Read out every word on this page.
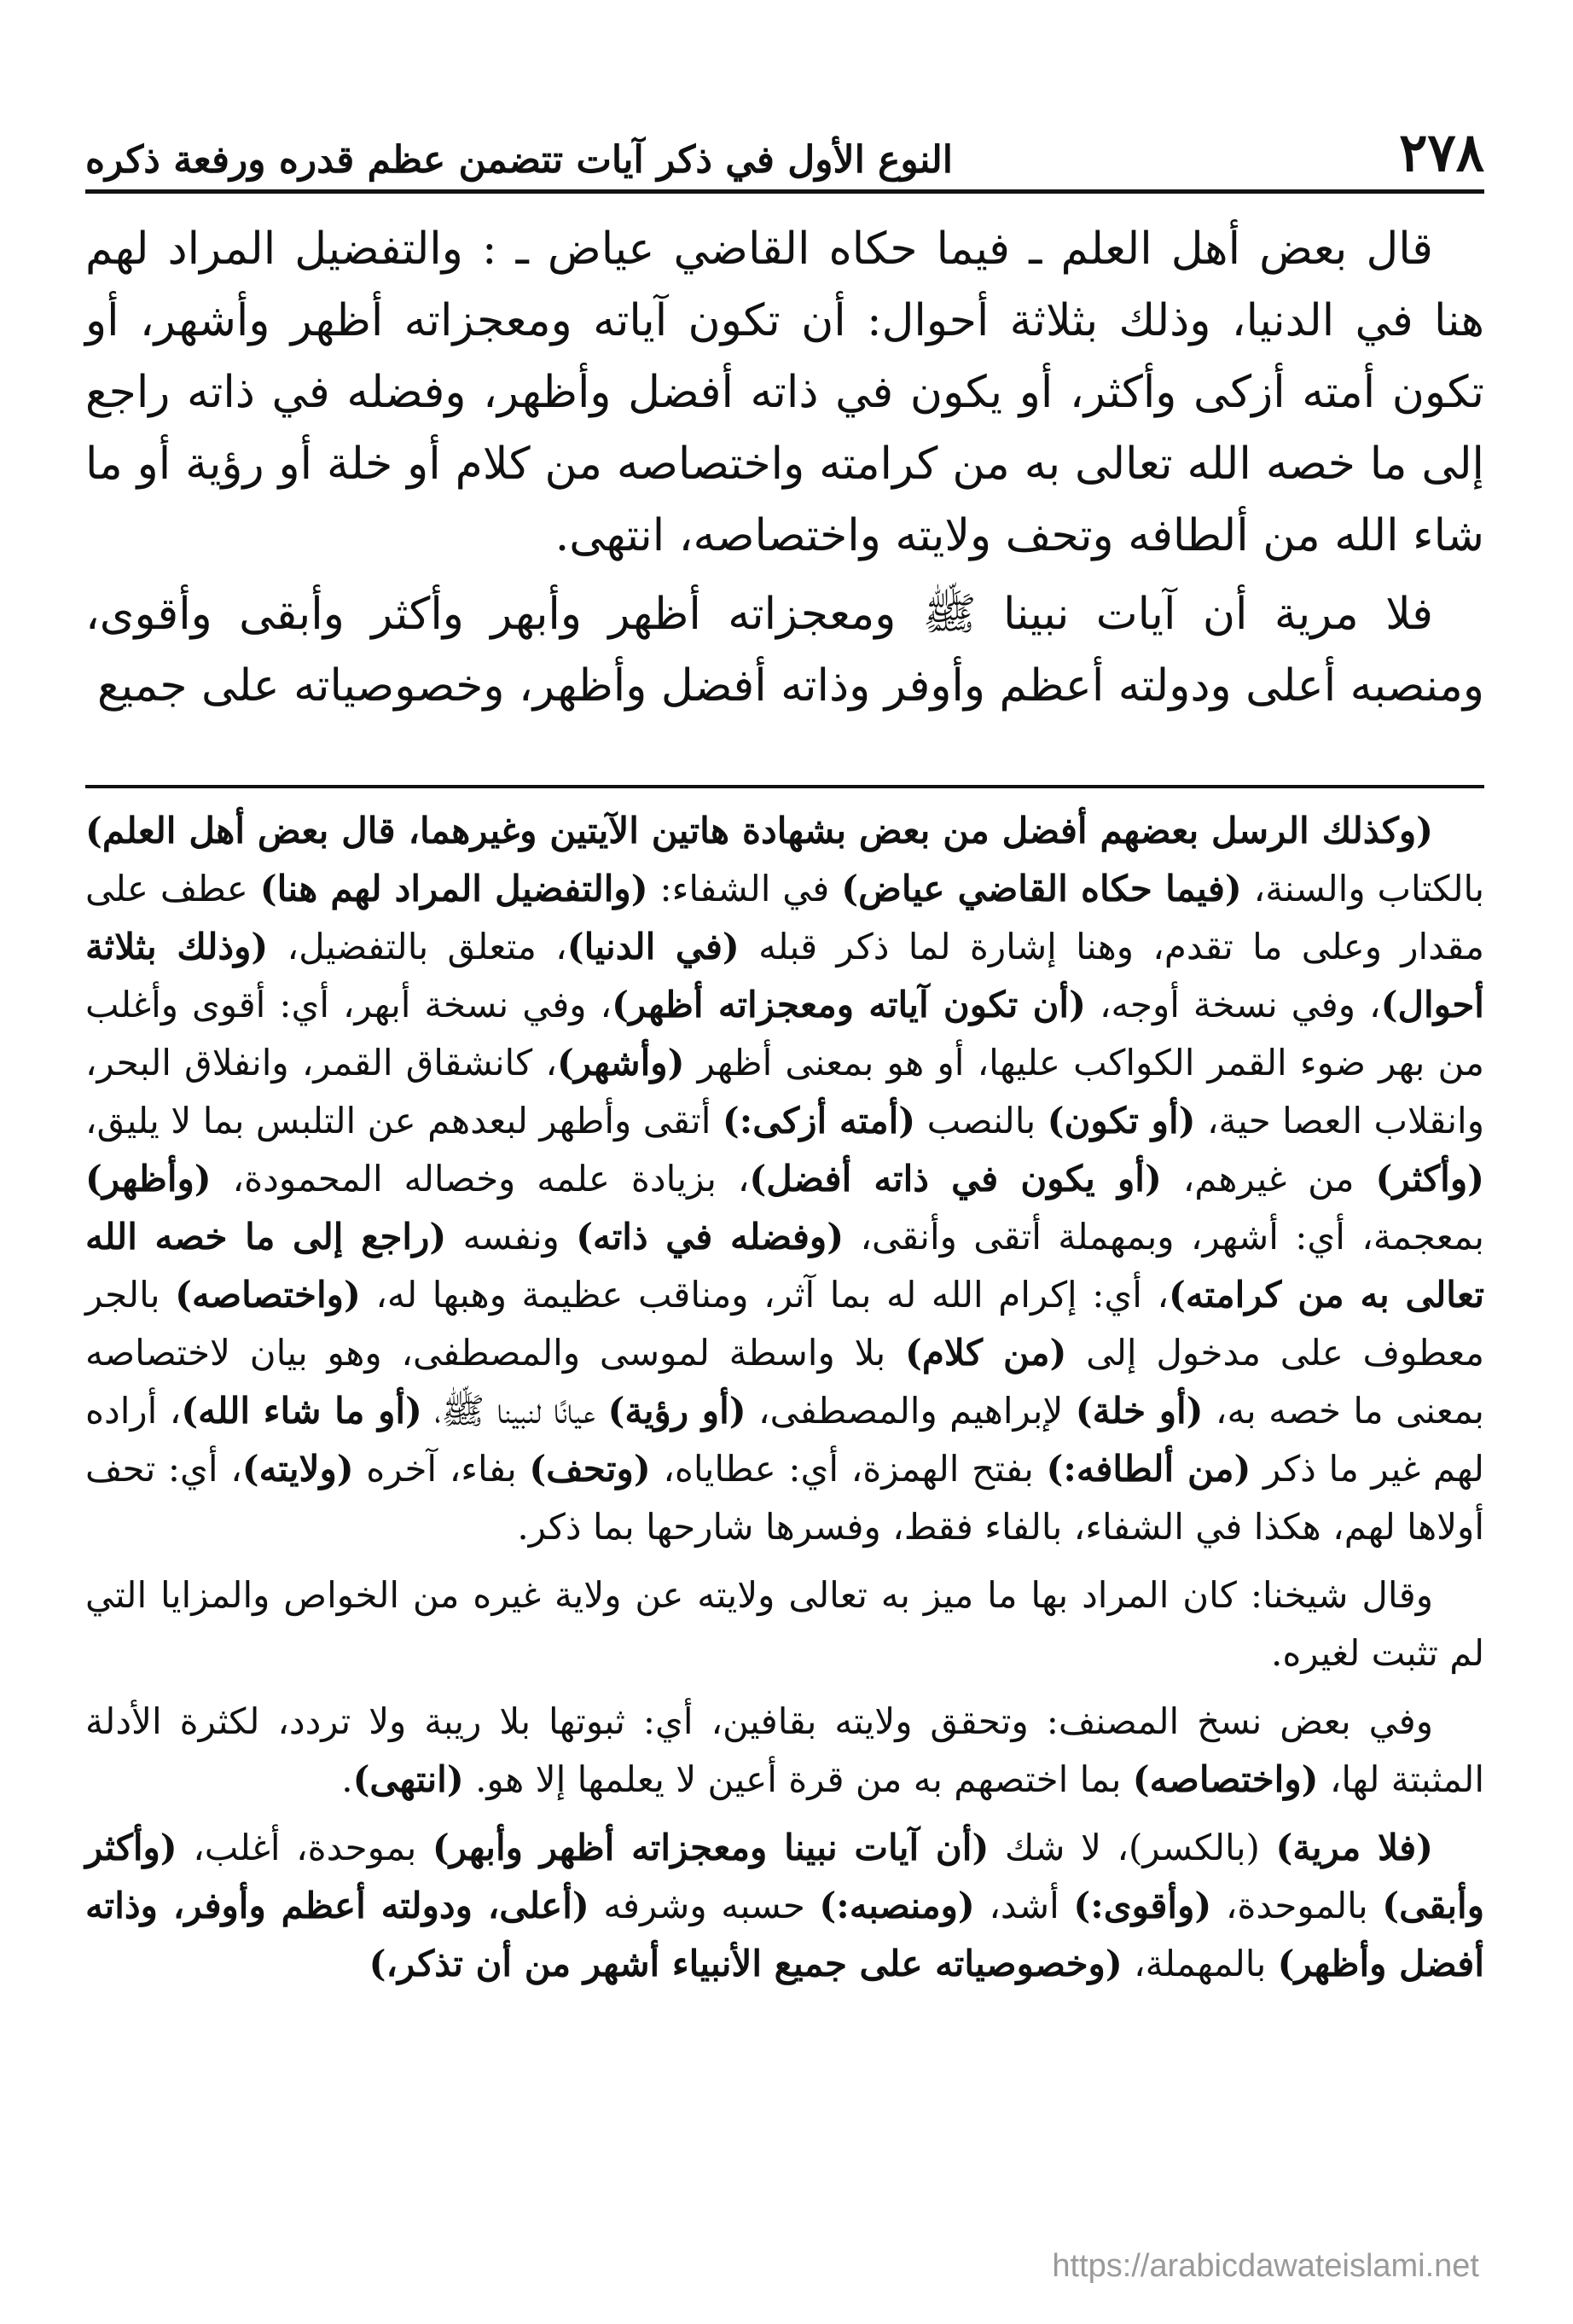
٢٧٨
النوع الأول في ذكر آيات تتضمن عظم قدره ورفعة ذكره

قال بعض أهل العلم ـ فيما حكاه القاضي عياض ـ : والتفضيل المراد لهم هنا في الدنيا، وذلك بثلاثة أحوال: أن تكون آياته ومعجزاته أظهر وأشهر، أو تكون أمته أزكى وأكثر، أو يكون في ذاته أفضل وأظهر، وفضله في ذاته راجع إلى ما خصه الله تعالى به من كرامته واختصاصه من كلام أو خلة أو رؤية أو ما شاء الله من ألطافه وتحف ولايته واختصاصه، انتهى.

فلا مرية أن آيات نبينا ﷺ ومعجزاته أظهر وأبهر وأكثر وأبقى وأقوى، ومنصبه أعلى ودولته أعظم وأوفر وذاته أفضل وأظهر، وخصوصياته على جميع

(وكذلك الرسل بعضهم أفضل من بعض بشهادة هاتين الآيتين وغيرهما، قال بعض أهل العلم) بالكتاب والسنة، (فيما حكاه القاضي عياض) في الشفاء: (والتفضيل المراد لهم هنا) عطف على مقدار وعلى ما تقدم، وهنا إشارة لما ذكر قبله (في الدنيا)، متعلق بالتفضيل، (وذلك بثلاثة أحوال)، وفي نسخة أوجه، (أن تكون آياته ومعجزاته أظهر)، وفي نسخة أبهر، أي: أقوى وأغلب من بهر ضوء القمر الكواكب عليها، أو هو بمعنى أظهر (وأشهر)، كانشقاق القمر، وانفلاق البحر، وانقلاب العصا حية، (أو تكون) بالنصب (أمته أزكى:) أتقى وأطهر لبعدهم عن التلبس بما لا يليق، (وأكثر) من غيرهم، (أو يكون في ذاته أفضل)، بزيادة علمه وخصاله المحمودة، (وأظهر) بمعجمة، أي: أشهر، وبمهملة أتقى وأنقى، (وفضله في ذاته) ونفسه (راجع إلى ما خصه الله تعالى به من كرامته)، أي: إكرام الله له بما آثر، ومناقب عظيمة وهبها له، (واختصاصه) بالجر معطوف على مدخول إلى (من كلام) بلا واسطة لموسى والمصطفى، وهو بيان لاختصاصه بمعنى ما خصه به، (أو خلة) لإبراهيم والمصطفى، (أو رؤية) عيانًا لنبينا ﷺ، (أو ما شاء الله)، أراده لهم غير ما ذكر (من ألطافه:) بفتح الهمزة، أي: عطاياه، (وتحف) بفاء، آخره (ولايته)، أي: تحف أولاها لهم، هكذا في الشفاء، بالفاء فقط، وفسرها شارحها بما ذكر.

وقال شيخنا: كان المراد بها ما ميز به تعالى ولايته عن ولاية غيره من الخواص والمزايا التي لم تثبت لغيره.

وفي بعض نسخ المصنف: وتحقق ولايته بقافين، أي: ثبوتها بلا ريبة ولا تردد، لكثرة الأدلة المثبتة لها، (واختصاصه) بما اختصهم به من قرة أعين لا يعلمها إلا هو. (انتهى).

(فلا مرية) (بالكسر)، لا شك (أن آيات نبينا ومعجزاته أظهر وأبهر) بموحدة، أغلب، (وأكثر وأبقى) بالموحدة، (وأقوى:) أشد، (ومنصبه:) حسبه وشرفه (أعلى، ودولته أعظم وأوفر، وذاته أفضل وأظهر) بالمهملة، (وخصوصياته على جميع الأنبياء أشهر من أن تذكر،)

https://arabicdawateislami.net
